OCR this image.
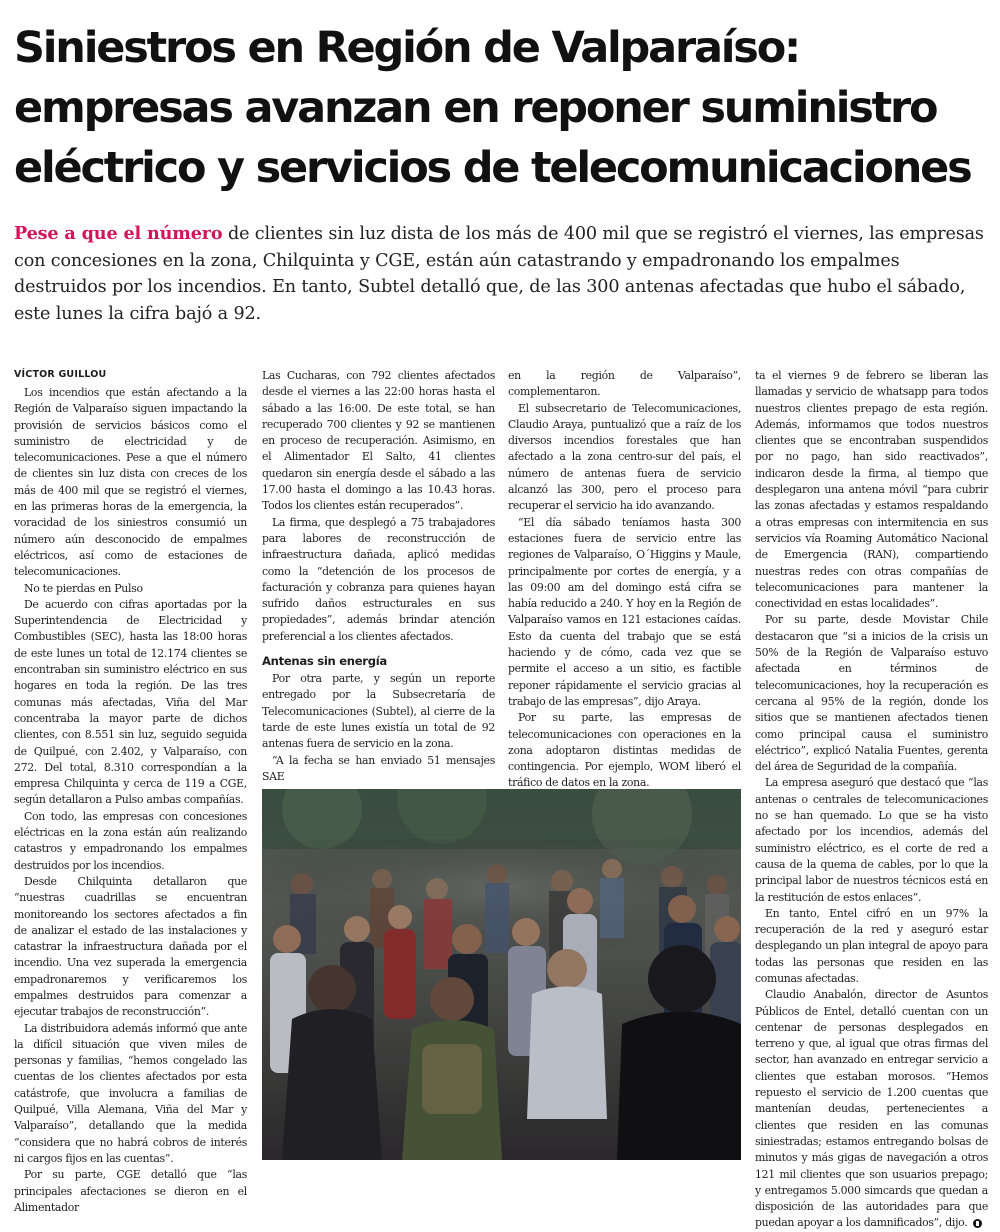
Siniestros en Región de Valparaíso:
empresas avanzan en reponer suministro
eléctrico y servicios de telecomunicaciones

Pese a que el número de clientes sin luz dista de los más de 400 mil que se registró el viernes, las empresas con concesiones en la zona, Chilquinta y CGE, están aún catastrando y empadronando los empalmes destruidos por los incendios. En tanto, Subtel detalló que, de las 300 antenas afectadas que hubo el sábado, este lunes la cifra bajó a 92.

VÍCTOR GUILLOU

Los incendios que están afectando a la Región de Valparaíso siguen impactando la provisión de servicios básicos como el suministro de electricidad y de telecomunicaciones. Pese a que el número de clientes sin luz dista con creces de los más de 400 mil que se registró el viernes, en las primeras horas de la emergencia, la voracidad de los siniestros consumió un número aún desconocido de empalmes eléctricos, así como de estaciones de telecomunicaciones.

No te pierdas en Pulso

De acuerdo con cifras aportadas por la Superintendencia de Electricidad y Combustibles (SEC), hasta las 18:00 horas de este lunes un total de 12.174 clientes se encontraban sin suministro eléctrico en sus hogares en toda la región. De las tres comunas más afectadas, Viña del Mar concentraba la mayor parte de dichos clientes, con 8.551 sin luz, seguido seguida de Quilpué, con 2.402, y Valparaíso, con 272. Del total, 8.310 correspondían a la empresa Chilquinta y cerca de 119 a CGE, según detallaron a Pulso ambas compañías.

Con todo, las empresas con concesiones eléctricas en la zona están aún realizando catastros y empadronando los empalmes destruidos por los incendios.

Desde Chilquinta detallaron que “nuestras cuadrillas se encuentran monitoreando los sectores afectados a fin de analizar el estado de las instalaciones y catastrar la infraestructura dañada por el incendio. Una vez superada la emergencia empadronaremos y verificaremos los empalmes destruidos para comenzar a ejecutar trabajos de reconstrucción”.

La distribuidora además informó que ante la difícil situación que viven miles de personas y familias, “hemos congelado las cuentas de los clientes afectados por esta catástrofe, que involucra a familias de Quilpué, Villa Alemana, Viña del Mar y Valparaíso”, detallando que la medida “considera que no habrá cobros de interés ni cargos fijos en las cuentas”.

Por su parte, CGE detalló que “las principales afectaciones se dieron en el Alimentador

Las Cucharas, con 792 clientes afectados desde el viernes a las 22:00 horas hasta el sábado a las 16:00. De este total, se han recuperado 700 clientes y 92 se mantienen en proceso de recuperación. Asimismo, en el Alimentador El Salto, 41 clientes quedaron sin energía desde el sábado a las 17.00 hasta el domingo a las 10.43 horas. Todos los clientes están recuperados”.

La firma, que desplegó a 75 trabajadores para labores de reconstrucción de infraestructura dañada, aplicó medidas como la “detención de los procesos de facturación y cobranza para quienes hayan sufrido daños estructurales en sus propiedades”, además brindar atención preferencial a los clientes afectados.

Antenas sin energía

Por otra parte, y según un reporte entregado por la Subsecretaría de Telecomunicaciones (Subtel), al cierre de la tarde de este lunes existía un total de 92 antenas fuera de servicio en la zona.

“A la fecha se han enviado 51 mensajes SAE

en la región de Valparaíso”, complementaron.

El subsecretario de Telecomunicaciones, Claudio Araya, puntualizó que a raíz de los diversos incendios forestales que han afectado a la zona centro-sur del país, el número de antenas fuera de servicio alcanzó las 300, pero el proceso para recuperar el servicio ha ido avanzando.

“El día sábado teníamos hasta 300 estaciones fuera de servicio entre las regiones de Valparaíso, O´Higgins y Maule, principalmente por cortes de energía, y a las 09:00 am del domingo está cifra se había reducido a 240. Y hoy en la Región de Valparaíso vamos en 121 estaciones caídas. Esto da cuenta del trabajo que se está haciendo y de cómo, cada vez que se permite el acceso a un sitio, es factible reponer rápidamente el servicio gracias al trabajo de las empresas”, dijo Araya.

Por su parte, las empresas de telecomunicaciones con operaciones en la zona adoptaron distintas medidas de contingencia. Por ejemplo, WOM liberó el tráfico de datos en la zona.

ta el viernes 9 de febrero se liberan las llamadas y servicio de whatsapp para todos nuestros clientes prepago de esta región. Además, informamos que todos nuestros clientes que se encontraban suspendidos por no pago, han sido reactivados”, indicaron desde la firma, al tiempo que desplegaron una antena móvil “para cubrir las zonas afectadas y estamos respaldando a otras empresas con intermitencia en sus servicios vía Roaming Automático Nacional de Emergencia (RAN), compartiendo nuestras redes con otras compañías de telecomunicaciones para mantener la conectividad en estas localidades”.

Por su parte, desde Movistar Chile destacaron que “si a inicios de la crisis un 50% de la Región de Valparaíso estuvo afectada en términos de telecomunicaciones, hoy la recuperación es cercana al 95% de la región, donde los sitios que se mantienen afectados tienen como principal causa el suministro eléctrico”, explicó Natalia Fuentes, gerenta del área de Seguridad de la compañía.

La empresa aseguró que destacó que “las antenas o centrales de telecomunicaciones no se han quemado. Lo que se ha visto afectado por los incendios, además del suministro eléctrico, es el corte de red a causa de la quema de cables, por lo que la principal labor de nuestros técnicos está en la restitución de estos enlaces”.

En tanto, Entel cifró en un 97% la recuperación de la red y aseguró estar desplegando un plan integral de apoyo para todas las personas que residen en las comunas afectadas.

Claudio Anabalón, director de Asuntos Públicos de Entel, detalló cuentan con un centenar de personas desplegados en terreno y que, al igual que otras firmas del sector, han avanzado en entregar servicio a clientes que estaban morosos. “Hemos repuesto el servicio de 1.200 cuentas que mantenían deudas, pertenecientes a clientes que residen en las comunas siniestradas; estamos entregando bolsas de minutos y más gigas de navegación a otros 121 mil clientes que son usuarios prepago; y entregamos 5.000 simcards que quedan a disposición de las autoridades para que puedan apoyar a los damnificados”, dijo.
